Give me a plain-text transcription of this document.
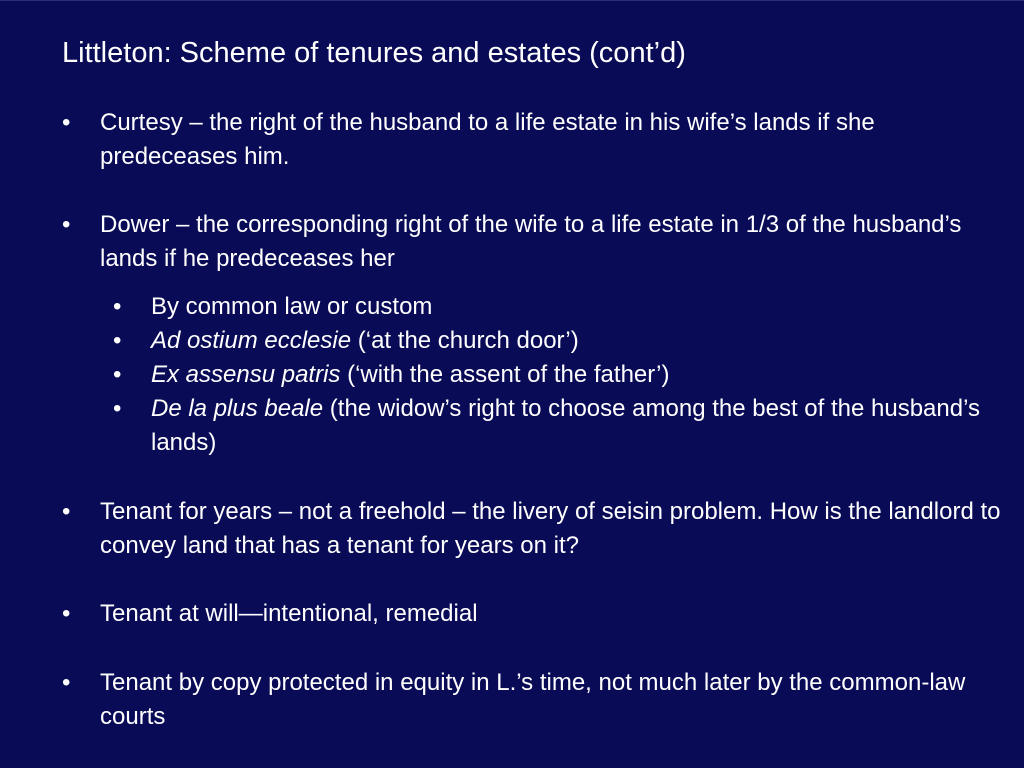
Littleton: Scheme of tenures and estates (cont’d)
•	Curtesy – the right of the husband to a life estate in his wife’s lands if she predeceases him.
•	Dower – the corresponding right of the wife to a life estate in 1/3 of the husband’s lands if he predeceases her
•	By common law or custom
•	Ad ostium ecclesie (‘at the church door’)
•	Ex assensu patris (‘with the assent of the father’)
•	De la plus beale (the widow’s right to choose among the best of the husband’s lands)
•	Tenant for years – not a freehold – the livery of seisin problem. How is the landlord to convey land that has a tenant for years on it?
•	Tenant at will—intentional, remedial
•	Tenant by copy protected in equity in L.’s time, not much later by the common-law courts
